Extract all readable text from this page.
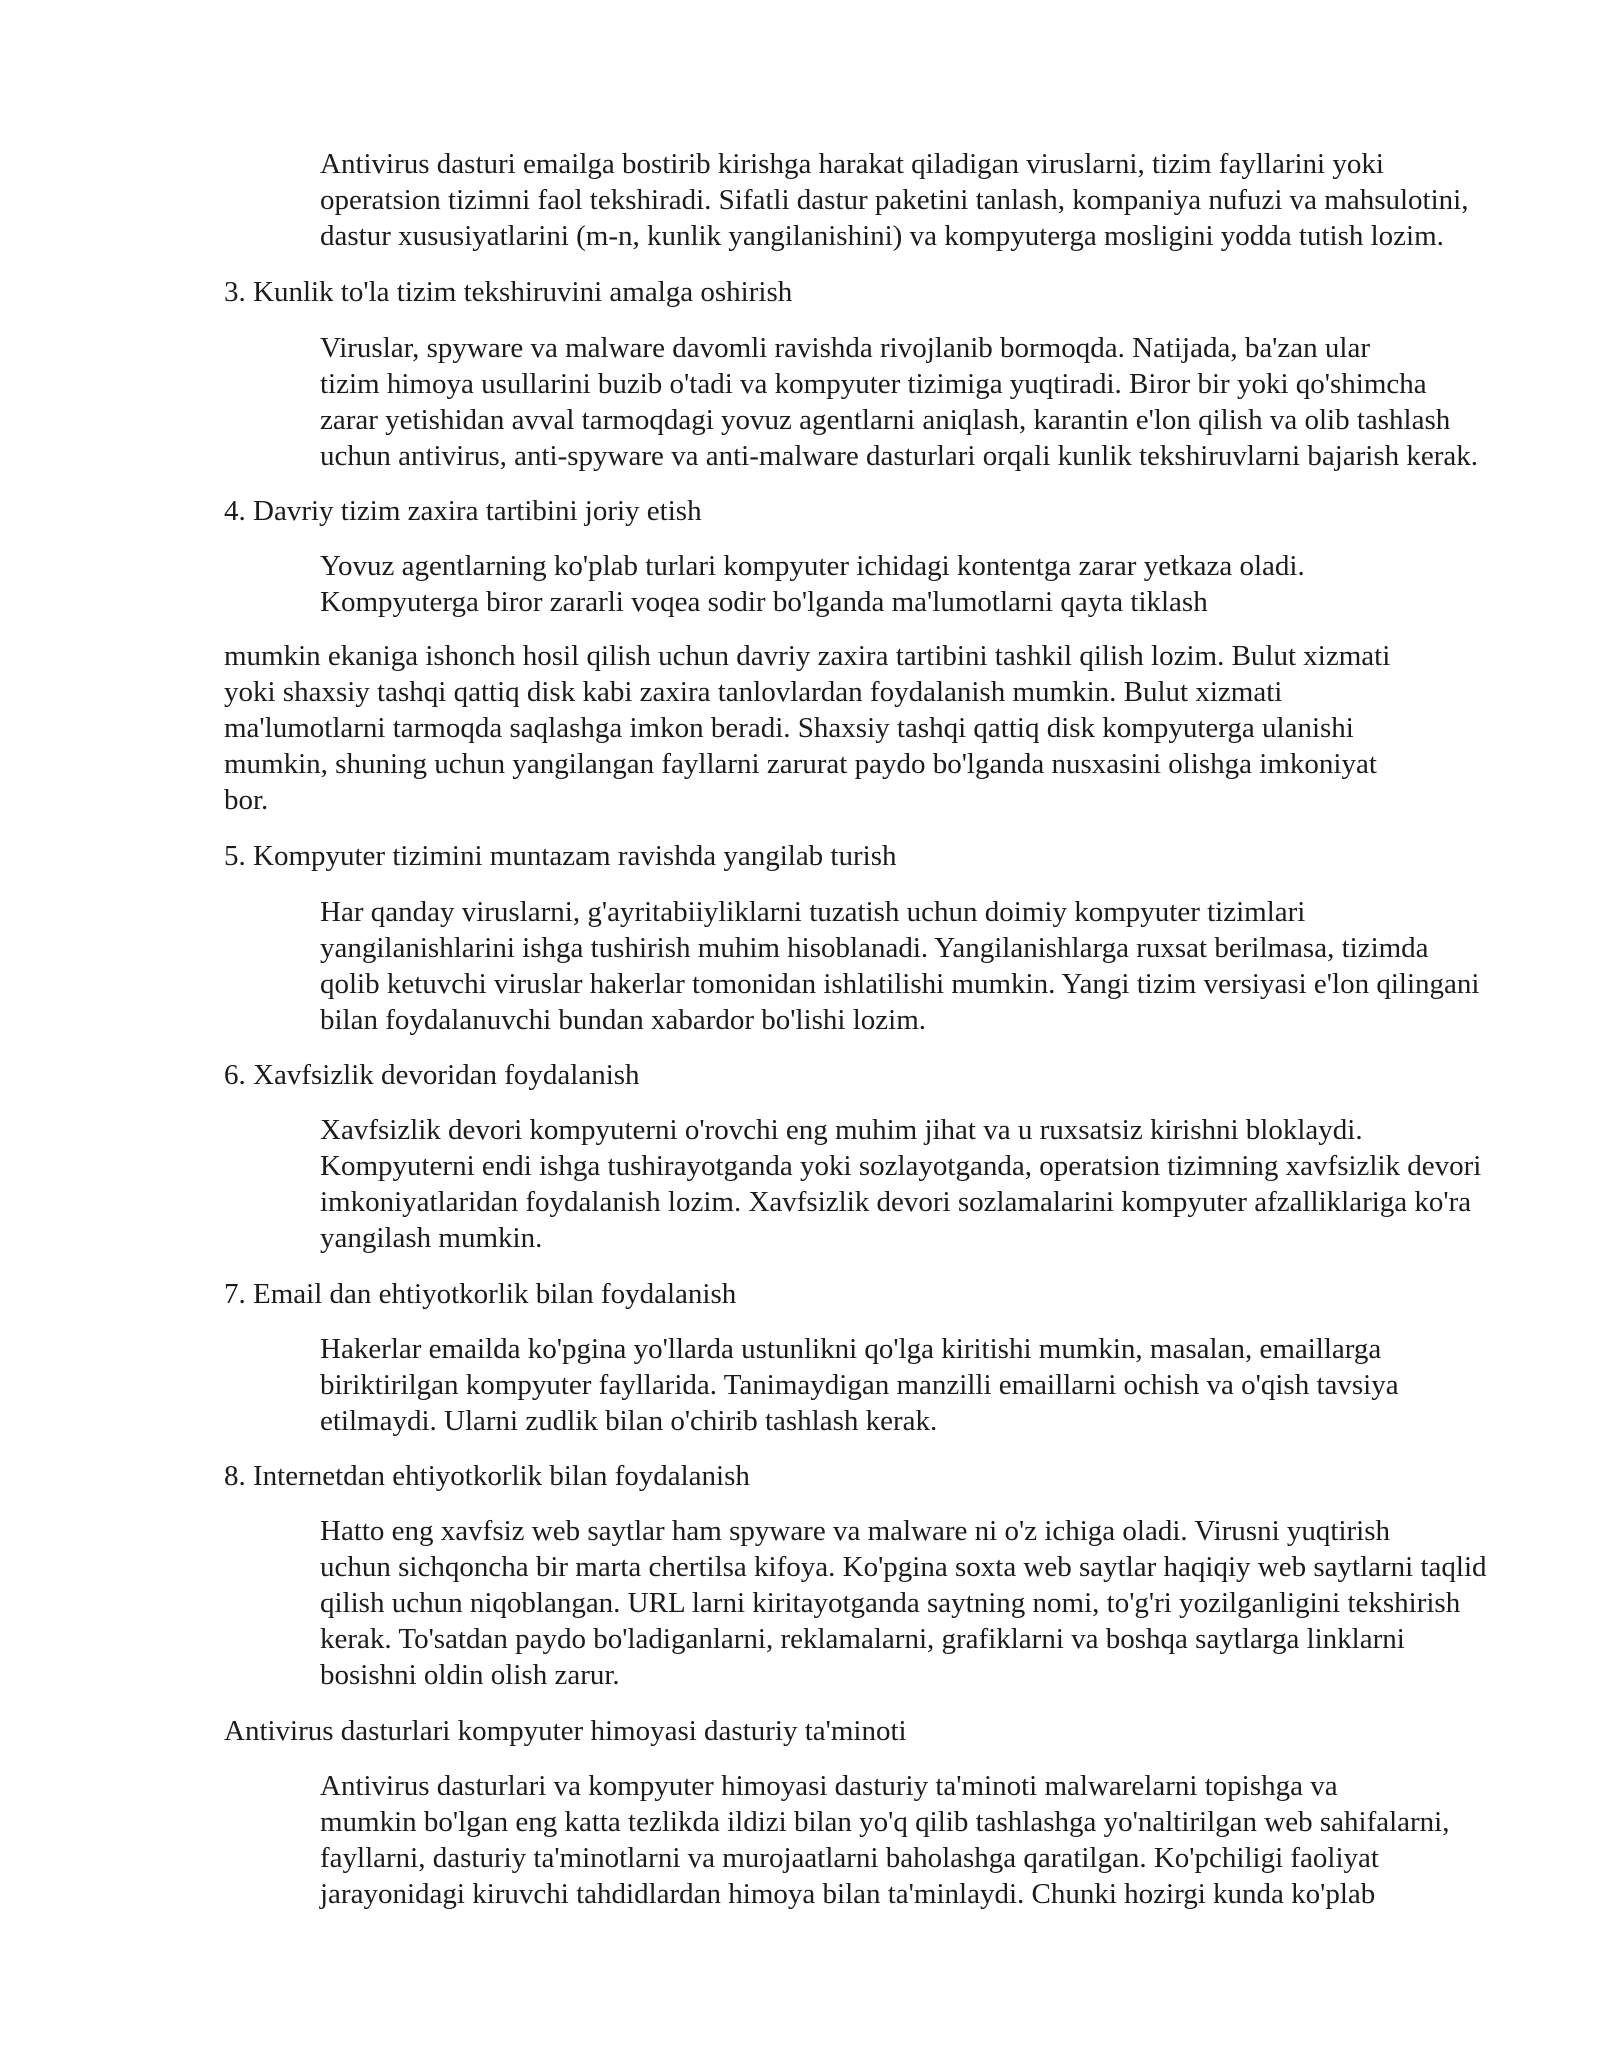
Antivirus dasturi emailga bostirib kirishga harakat qiladigan viruslarni, tizim fayllarini yoki
operatsion tizimni faol tekshiradi. Sifatli dastur paketini tanlash, kompaniya nufuzi va mahsulotini,
dastur xususiyatlarini (m-n, kunlik yangilanishini) va kompyuterga mosligini yodda tutish lozim.

3. Kunlik to'la tizim tekshiruvini amalga oshirish

Viruslar, spyware va malware davomli ravishda rivojlanib bormoqda. Natijada, ba'zan ular
tizim himoya usullarini buzib o'tadi va kompyuter tizimiga yuqtiradi. Biror bir yoki qo'shimcha
zarar yetishidan avval tarmoqdagi yovuz agentlarni aniqlash, karantin e'lon qilish va olib tashlash
uchun antivirus, anti-spyware va anti-malware dasturlari orqali kunlik tekshiruvlarni bajarish kerak.

4. Davriy tizim zaxira tartibini joriy etish

Yovuz agentlarning ko'plab turlari kompyuter ichidagi kontentga zarar yetkaza oladi.
Kompyuterga biror zararli voqea sodir bo'lganda ma'lumotlarni qayta tiklash

mumkin ekaniga ishonch hosil qilish uchun davriy zaxira tartibini tashkil qilish lozim. Bulut xizmati
yoki shaxsiy tashqi qattiq disk kabi zaxira tanlovlardan foydalanish mumkin. Bulut xizmati
ma'lumotlarni tarmoqda saqlashga imkon beradi. Shaxsiy tashqi qattiq disk kompyuterga ulanishi
mumkin, shuning uchun yangilangan fayllarni zarurat paydo bo'lganda nusxasini olishga imkoniyat
bor.

5. Kompyuter tizimini muntazam ravishda yangilab turish

Har qanday viruslarni, g'ayritabiiyliklarni tuzatish uchun doimiy kompyuter tizimlari
yangilanishlarini ishga tushirish muhim hisoblanadi. Yangilanishlarga ruxsat berilmasa, tizimda
qolib ketuvchi viruslar hakerlar tomonidan ishlatilishi mumkin. Yangi tizim versiyasi e'lon qilingani
bilan foydalanuvchi bundan xabardor bo'lishi lozim.

6. Xavfsizlik devoridan foydalanish

Xavfsizlik devori kompyuterni o'rovchi eng muhim jihat va u ruxsatsiz kirishni bloklaydi.
Kompyuterni endi ishga tushirayotganda yoki sozlayotganda, operatsion tizimning xavfsizlik devori
imkoniyatlaridan foydalanish lozim. Xavfsizlik devori sozlamalarini kompyuter afzalliklariga ko'ra
yangilash mumkin.

7. Email dan ehtiyotkorlik bilan foydalanish

Hakerlar emailda ko'pgina yo'llarda ustunlikni qo'lga kiritishi mumkin, masalan, emaillarga
biriktirilgan kompyuter fayllarida. Tanimaydigan manzilli emaillarni ochish va o'qish tavsiya
etilmaydi. Ularni zudlik bilan o'chirib tashlash kerak.

8. Internetdan ehtiyotkorlik bilan foydalanish

Hatto eng xavfsiz web saytlar ham spyware va malware ni o'z ichiga oladi. Virusni yuqtirish
uchun sichqoncha bir marta chertilsa kifoya. Ko'pgina soxta web saytlar haqiqiy web saytlarni taqlid
qilish uchun niqoblangan. URL larni kiritayotganda saytning nomi, to'g'ri yozilganligini tekshirish
kerak. To'satdan paydo bo'ladiganlarni, reklamalarni, grafiklarni va boshqa saytlarga linklarni
bosishni oldin olish zarur.

Antivirus dasturlari kompyuter himoyasi dasturiy ta'minoti

Antivirus dasturlari va kompyuter himoyasi dasturiy ta'minoti malwarelarni topishga va
mumkin bo'lgan eng katta tezlikda ildizi bilan yo'q qilib tashlashga yo'naltirilgan web sahifalarni,
fayllarni, dasturiy ta'minotlarni va murojaatlarni baholashga qaratilgan. Ko'pchiligi faoliyat
jarayonidagi kiruvchi tahdidlardan himoya bilan ta'minlaydi. Chunki hozirgi kunda ko'plab
